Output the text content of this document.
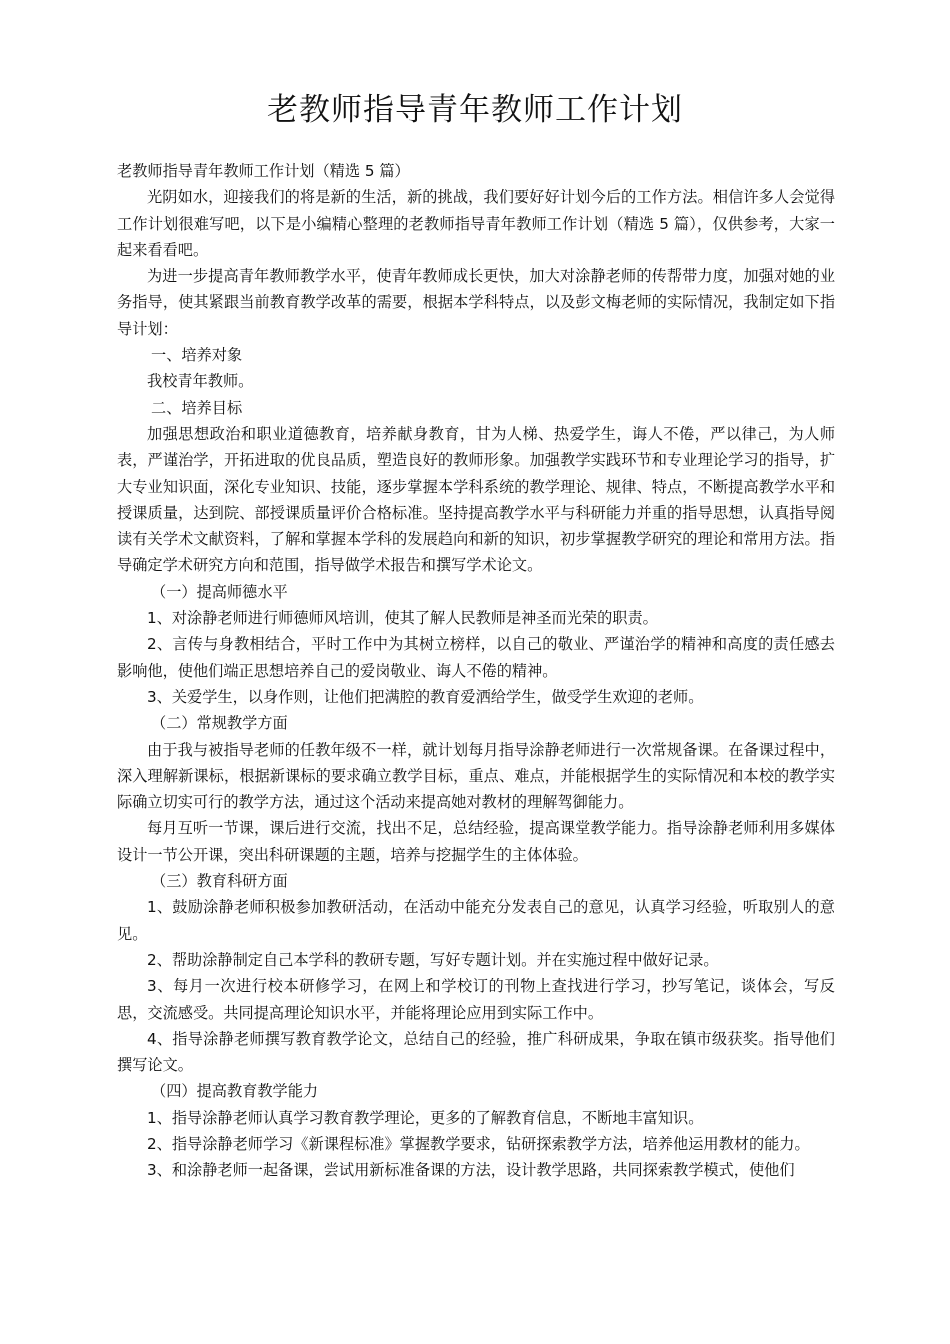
老教师指导青年教师工作计划

老教师指导青年教师工作计划（精选 5 篇）

光阴如水，迎接我们的将是新的生活，新的挑战，我们要好好计划今后的工作方法。相信许多人会觉得工作计划很难写吧，以下是小编精心整理的老教师指导青年教师工作计划（精选 5 篇），仅供参考，大家一起来看看吧。

为进一步提高青年教师教学水平，使青年教师成长更快，加大对涂静老师的传帮带力度，加强对她的业务指导，使其紧跟当前教育教学改革的需要，根据本学科特点，以及彭文梅老师的实际情况，我制定如下指导计划：

一、培养对象

我校青年教师。

二、培养目标

加强思想政治和职业道德教育，培养献身教育，甘为人梯、热爱学生，诲人不倦，严以律己，为人师表，严谨治学，开拓进取的优良品质，塑造良好的教师形象。加强教学实践环节和专业理论学习的指导，扩大专业知识面，深化专业知识、技能，逐步掌握本学科系统的教学理论、规律、特点，不断提高教学水平和授课质量，达到院、部授课质量评价合格标准。坚持提高教学水平与科研能力并重的指导思想，认真指导阅读有关学术文献资料，了解和掌握本学科的发展趋向和新的知识，初步掌握教学研究的理论和常用方法。指导确定学术研究方向和范围，指导做学术报告和撰写学术论文。

（一）提高师德水平

1、对涂静老师进行师德师风培训，使其了解人民教师是神圣而光荣的职责。

2、言传与身教相结合，平时工作中为其树立榜样，以自己的敬业、严谨治学的精神和高度的责任感去影响他，使他们端正思想培养自己的爱岗敬业、诲人不倦的精神。

3、关爱学生，以身作则，让他们把满腔的教育爱洒给学生，做受学生欢迎的老师。

（二）常规教学方面

由于我与被指导老师的任教年级不一样，就计划每月指导涂静老师进行一次常规备课。在备课过程中，深入理解新课标，根据新课标的要求确立教学目标，重点、难点，并能根据学生的实际情况和本校的教学实际确立切实可行的教学方法，通过这个活动来提高她对教材的理解驾御能力。

每月互听一节课，课后进行交流，找出不足，总结经验，提高课堂教学能力。指导涂静老师利用多媒体设计一节公开课，突出科研课题的主题，培养与挖掘学生的主体体验。

（三）教育科研方面

1、鼓励涂静老师积极参加教研活动，在活动中能充分发表自己的意见，认真学习经验，听取别人的意见。

2、帮助涂静制定自己本学科的教研专题，写好专题计划。并在实施过程中做好记录。

3、每月一次进行校本研修学习，在网上和学校订的刊物上查找进行学习，抄写笔记，谈体会，写反思，交流感受。共同提高理论知识水平，并能将理论应用到实际工作中。

4、指导涂静老师撰写教育教学论文，总结自己的经验，推广科研成果，争取在镇市级获奖。指导他们撰写论文。

（四）提高教育教学能力

1、指导涂静老师认真学习教育教学理论，更多的了解教育信息，不断地丰富知识。

2、指导涂静老师学习《新课程标准》掌握教学要求，钻研探索教学方法，培养他运用教材的能力。

3、和涂静老师一起备课，尝试用新标准备课的方法，设计教学思路，共同探索教学模式，使他们
